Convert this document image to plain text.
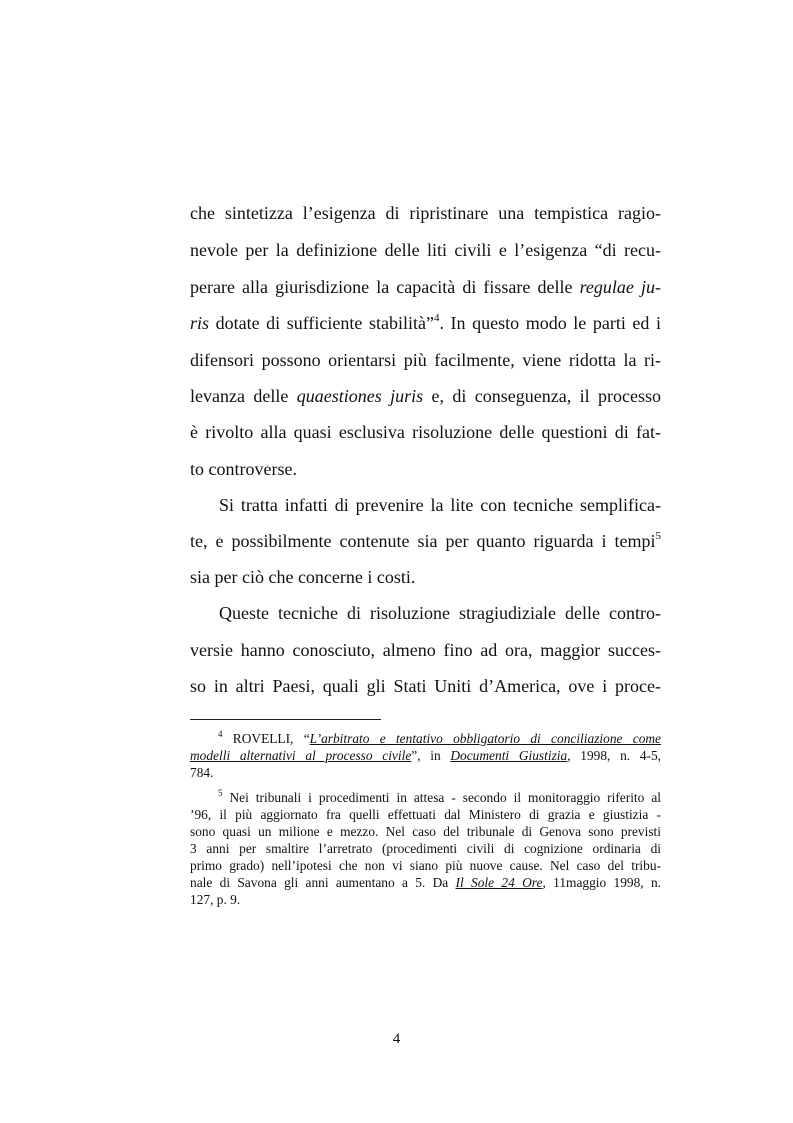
che sintetizza l’esigenza di ripristinare una tempistica ragio-
nevole per la definizione delle liti civili e l’esigenza “di recu-
perare alla giurisdizione la capacità di fissare delle regulae ju-
ris dotate di sufficiente stabilità”$^4$. In questo modo le parti ed i
difensori possono orientarsi più facilmente, viene ridotta la ri-
levanza delle quaestiones juris e, di conseguenza, il processo
è rivolto alla quasi esclusiva risoluzione delle questioni di fat-
to controverse.
Si tratta infatti di prevenire la lite con tecniche semplifica-
te, e possibilmente contenute sia per quanto riguarda i tempi$^5$
sia per ciò che concerne i costi.
Queste tecniche di risoluzione stragiudiziale delle contro-
versie hanno conosciuto, almeno fino ad ora, maggior succes-
so in altri Paesi, quali gli Stati Uniti d’America, ove i proce-
$^4$ ROVELLI, “L’arbitrato e tentativo obbligatorio di conciliazione come
modelli alternativi al processo civile”, in Documenti Giustizia, 1998, n. 4-5,
784.
$^5$ Nei tribunali i procedimenti in attesa - secondo il monitoraggio riferito al
’96, il più aggiornato fra quelli effettuati dal Ministero di grazia e giustizia -
sono quasi un milione e mezzo. Nel caso del tribunale di Genova sono previsti
3 anni per smaltire l’arretrato (procedimenti civili di cognizione ordinaria di
primo grado) nell’ipotesi che non vi siano più nuove cause. Nel caso del tribu-
nale di Savona gli anni aumentano a 5. Da Il Sole 24 Ore, 11maggio 1998, n.
127, p. 9.
4
